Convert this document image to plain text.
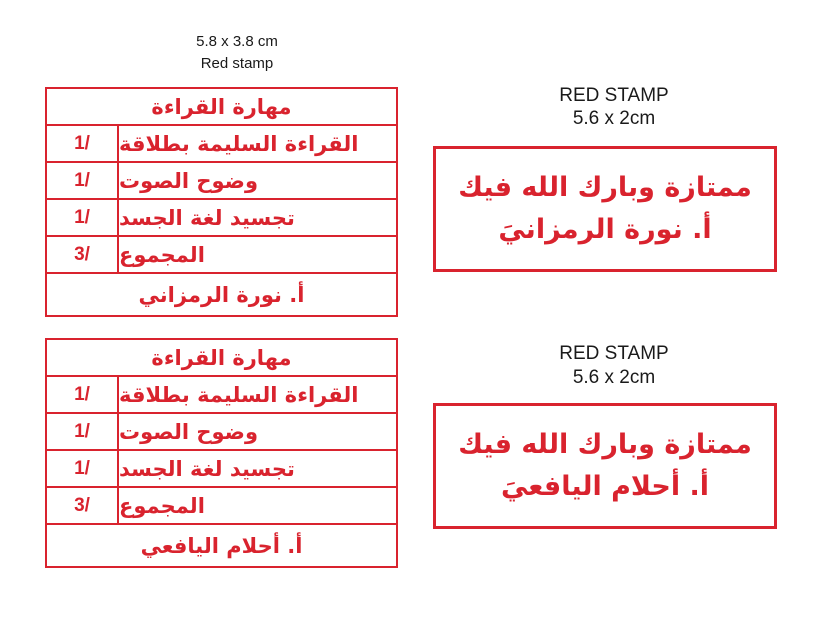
5.8 x 3.8 cm
Red stamp
مهارة القراءة
1/	القراءة السليمة بطلاقة
1/	وضوح الصوت
1/	تجسيد لغة الجسد
3/	المجموع
أ. نورة الرمزاني
مهارة القراءة
1/	القراءة السليمة بطلاقة
1/	وضوح الصوت
1/	تجسيد لغة الجسد
3/	المجموع
أ. أحلام اليافعي
RED STAMP
5.6 x 2cm
ممتازة وبارك الله فيك
أ. نورة الرمزانيَ
RED STAMP
5.6 x 2cm
ممتازة وبارك الله فيك
أ. أحلام اليافعيَ
